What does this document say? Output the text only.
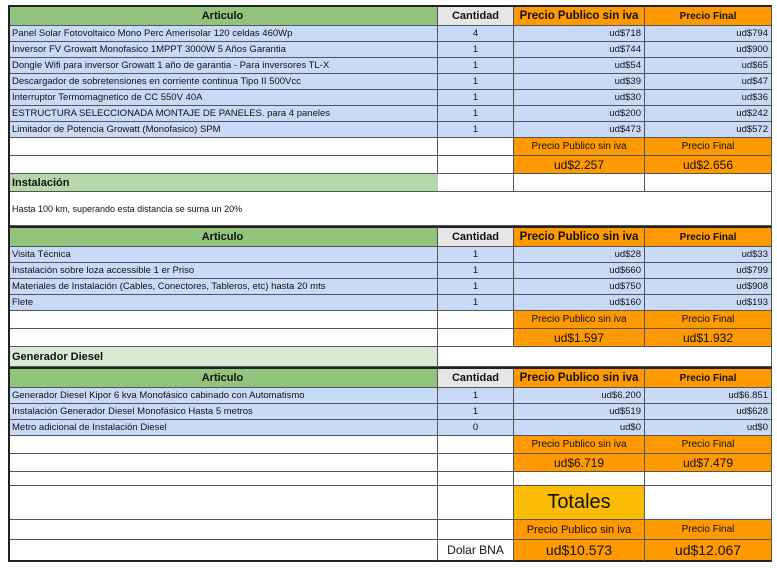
Articulo	Cantidad	Precio Publico sin iva	Precio Final
Panel Solar Fotovoltaico Mono Perc Amerisolar 120 celdas 460Wp	4	ud$718	ud$794
Inversor FV Growatt Monofasico 1MPPT 3000W 5 Años Garantia	1	ud$744	ud$900
Dongle Wifi para inversor Growatt 1 año de garantia - Para inversores TL-X	1	ud$54	ud$65
Descargador de sobretensiones en corriente continua Tipo II 500Vcc	1	ud$39	ud$47
Interruptor Termomagnetico de CC 550V 40A	1	ud$30	ud$36
ESTRUCTURA SELECCIONADA MONTAJE DE PANELES. para 4 paneles	1	ud$200	ud$242
Limitador de Potencia Growatt (Monofasico) SPM	1	ud$473	ud$572
Precio Publico sin iva	Precio Final
ud$2.257	ud$2.656
Instalación
Hasta 100 km, superando esta distancia se suma un 20%
Articulo	Cantidad	Precio Publico sin iva	Precio Final
Visita Técnica	1	ud$28	ud$33
Instalación sobre loza accessible 1 er Priso	1	ud$660	ud$799
Materiales de Instalación (Cables, Conectores, Tableros, etc) hasta 20 mts	1	ud$750	ud$908
Flete	1	ud$160	ud$193
Precio Publico sin iva	Precio Final
ud$1.597	ud$1.932
Generador Diesel
Articulo	Cantidad	Precio Publico sin iva	Precio Final
Generador Diesel Kipor 6 kva Monofásico cabinado con Automatismo	1	ud$6.200	ud$6.851
Instalación Generador Diesel Monofásico Hasta 5 metros	1	ud$519	ud$628
Metro adicional de Instalación Diesel	0	ud$0	ud$0
Precio Publico sin iva	Precio Final
ud$6.719	ud$7.479
Totales
Precio Publico sin iva	Precio Final
Dolar BNA	ud$10.573	ud$12.067
